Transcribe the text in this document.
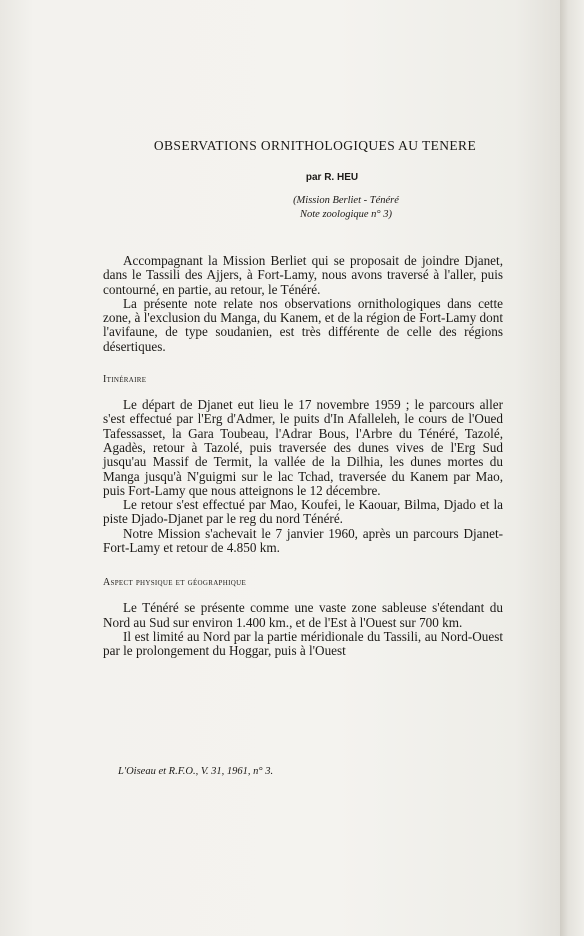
OBSERVATIONS ORNITHOLOGIQUES AU TENERE
par R. HEU
(Mission Berliet - Ténéré
Note zoologique n° 3)

Accompagnant la Mission Berliet qui se proposait de joindre Djanet, dans le Tassili des Ajjers, à Fort-Lamy, nous avons traversé à l'aller, puis contourné, en partie, au retour, le Ténéré.

La présente note relate nos observations ornithologiques dans cette zone, à l'exclusion du Manga, du Kanem, et de la région de Fort-Lamy dont l'avifaune, de type soudanien, est très différente de celle des régions désertiques.

Itinéraire

Le départ de Djanet eut lieu le 17 novembre 1959 ; le parcours aller s'est effectué par l'Erg d'Admer, le puits d'In Afalleleh, le cours de l'Oued Tafessasset, la Gara Toubeau, l'Adrar Bous, l'Arbre du Ténéré, Tazolé, Agadès, retour à Tazolé, puis traversée des dunes vives de l'Erg Sud jusqu'au Massif de Termit, la vallée de la Dilhia, les dunes mortes du Manga jusqu'à N'guigmi sur le lac Tchad, traversée du Kanem par Mao, puis Fort-Lamy que nous atteignons le 12 décembre.

Le retour s'est effectué par Mao, Koufei, le Kaouar, Bilma, Djado et la piste Djado-Djanet par le reg du nord Ténéré.

Notre Mission s'achevait le 7 janvier 1960, après un parcours Djanet-Fort-Lamy et retour de 4.850 km.

Aspect physique et géographique

Le Ténéré se présente comme une vaste zone sableuse s'étendant du Nord au Sud sur environ 1.400 km., et de l'Est à l'Ouest sur 700 km.

Il est limité au Nord par la partie méridionale du Tassili, au Nord-Ouest par le prolongement du Hoggar, puis à l'Ouest

L'Oiseau et R.F.O., V. 31, 1961, n° 3.
